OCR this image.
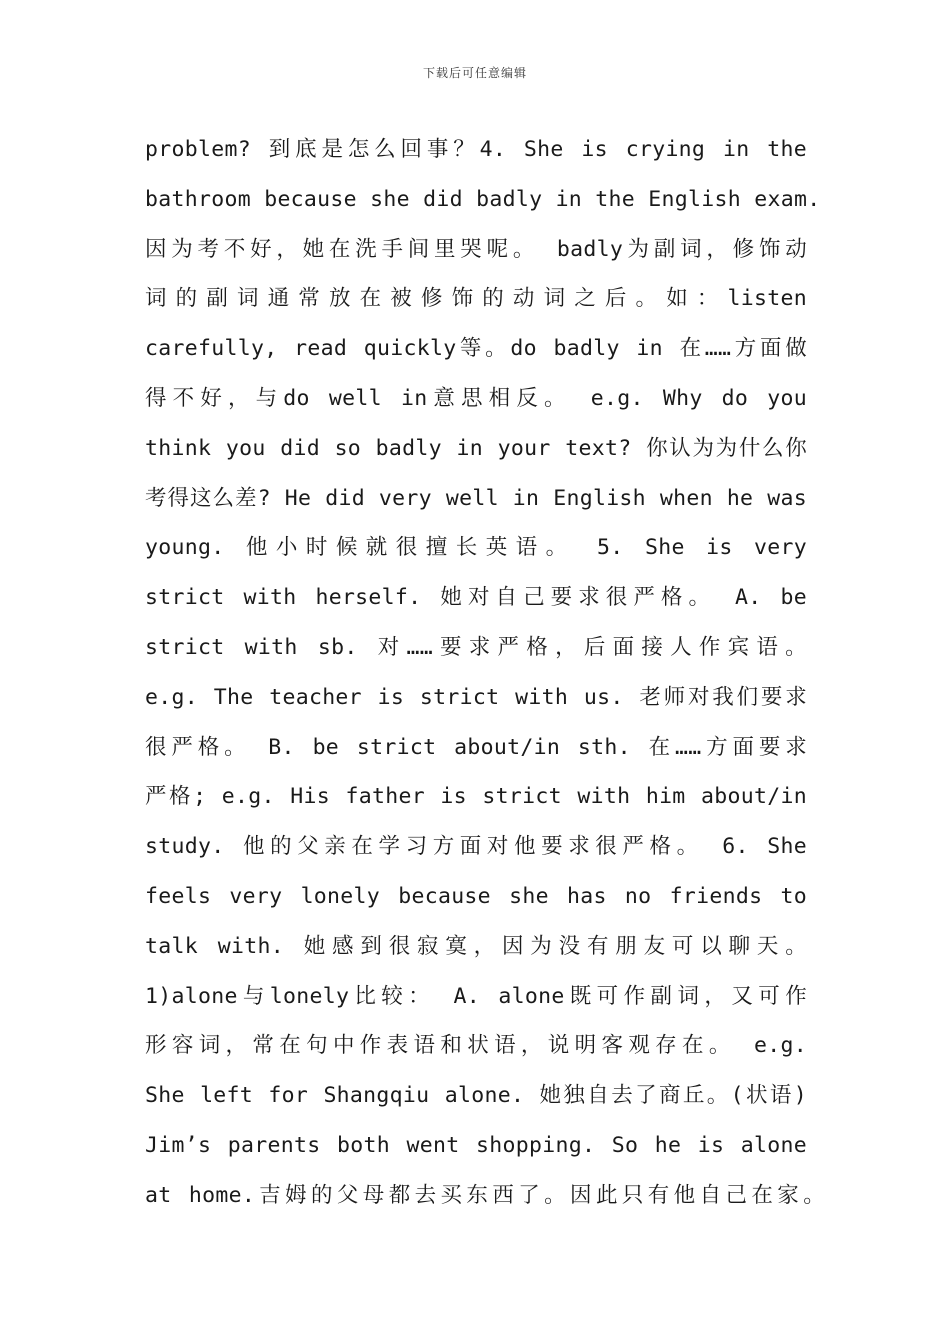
下载后可任意编辑
problem? 到底是怎么回事？4. She is crying in the
bathroom because she did badly in the English exam.
因为考不好，她在洗手间里哭呢。 badly为副词，修饰动
词的副词通常放在被修饰的动词之后。如：listen
carefully, read quickly等。do badly in 在……方面做
得不好，与do well in意思相反。 e.g. Why do you
think you did so badly in your text? 你认为为什么你
考得这么差? He did very well in English when he was
young. 他小时候就很擅长英语。 5. She is very
strict with herself. 她对自己要求很严格。 A. be
strict with sb. 对……要求严格，后面接人作宾语。
e.g. The teacher is strict with us. 老师对我们要求
很严格。 B. be strict about/in sth. 在……方面要求
严格; e.g. His father is strict with him about/in
study. 他的父亲在学习方面对他要求很严格。 6. She
feels very lonely because she has no friends to
talk with. 她感到很寂寞，因为没有朋友可以聊天。
1)alone与lonely比较： A. alone既可作副词，又可作
形容词，常在句中作表语和状语，说明客观存在。 e.g.
She left for Shangqiu alone. 她独自去了商丘。(状语)
Jim’s parents both went shopping. So he is alone
at home.吉姆的父母都去买东西了。因此只有他自己在家。
